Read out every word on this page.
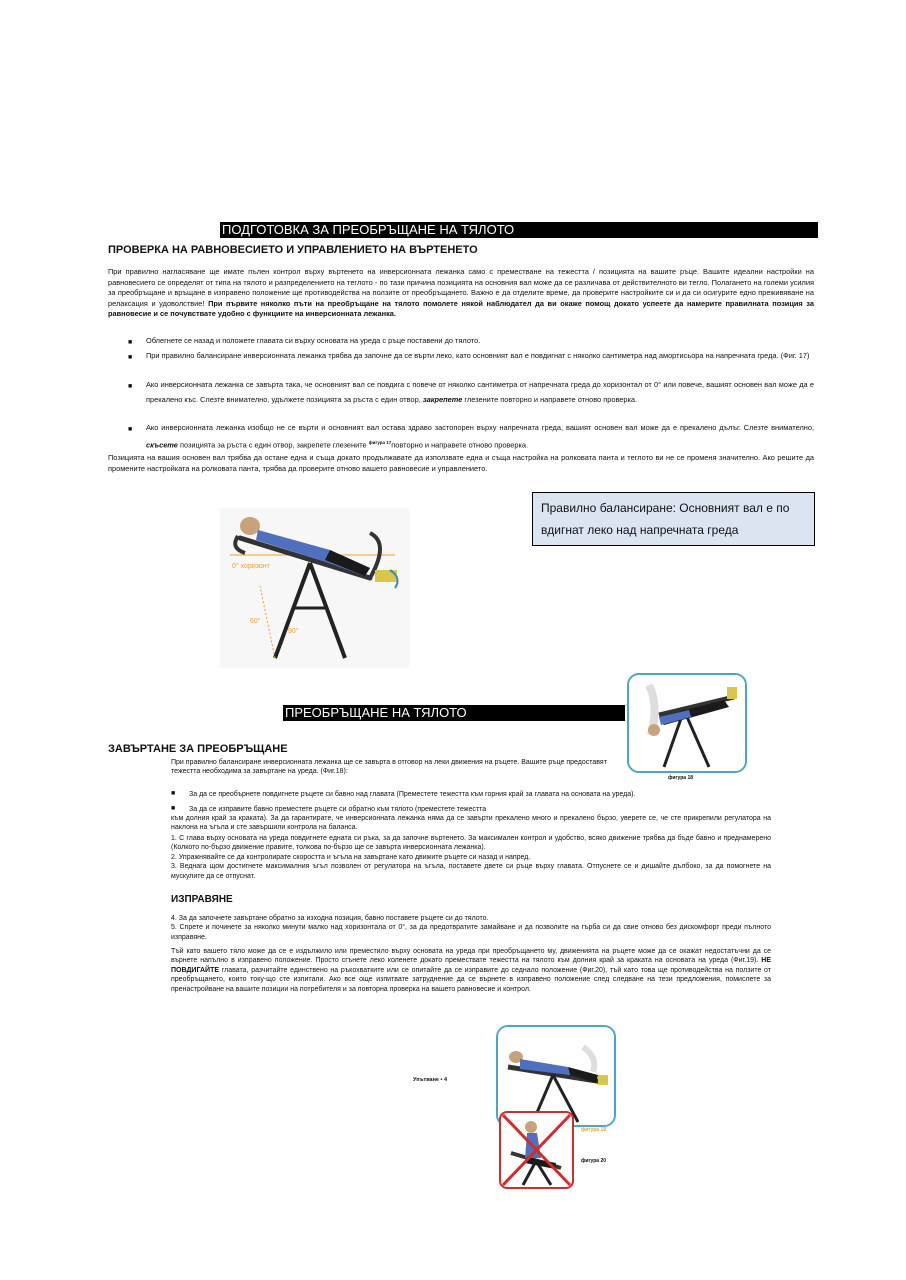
ПОДГОТОВКА ЗА ПРЕОБРЪЩАНЕ НА ТЯЛОТО
ПРОВЕРКА НА РАВНОВЕСИЕТО И УПРАВЛЕНИЕТО НА ВЪРТЕНЕТО
При правилно нагласяване ще имате пълен контрол върху въртенето на инверсионната лежанка само с преместване на тежестта / позицията на вашите ръце. Вашите идеални настройки на равновесието се определят от типа на тялото и разпределението на теглото - по тази причина позицията на основния вал може да се различава от действителното ви тегло. Полагането на големи усилия за преобръщане и връщане в изправено положение ще противодейства на ползите от преобръщането. Важно е да отделите време, да проверите настройките си и да си осигурите едно преживяване на релаксация и удоволствие! При първите няколко пъти на преобръщане на тялото помолете някой наблюдател да ви окаже помощ докато успеете да намерите правилната позиция за равновесие и се почувствате удобно с функциите на инверсионната лежанка.
■ Облегнете се назад и положете главата си върху основата на уреда с ръце поставени до тялото.
■ При правилно балансиране инверсионната лежанка трябва да започне да се върти леко, като основният вал е повдигнат с няколко сантиметра над амортисьора на напречната греда. (Фиг. 17)
■ Ако инверсионната лежанка се завърта така, че основният вал се повдига с повече от няколко сантиметра от напречната греда до хоризонтал от 0° или повече, вашият основен вал може да е прекалено къс. Слезте внимателно, удължете позицията за ръста с един отвор, закрепете глезените повторно и направете отново проверка.
■ Ако инверсионната лежанка изобщо не се върти и основният вал остава здраво застопорен върху напречната греда, вашият основен вал може да е прекалено дълъг. Слезте внимателно, скъсете позицията за ръста с един отвор, закрепете глезените $^{фигура 17}$повторно и направете отново проверка.
Позицията на вашия основен вал трябва да остане една и съща докато продължавате да използвате една и съща настройка на ролковата панта и теглото ви не се променя значително. Ако решите да промените настройката на ролковата панта, трябва да проверите отново вашето равновесие и управлението.
Правилно балансиране: Основният вал е по вдигнат леко над напречната греда
0° хоризонт
60°
90°
ПРЕОБРЪЩАНЕ НА ТЯЛОТО
фигура 18
ЗАВЪРТАНЕ ЗА ПРЕОБРЪЩАНЕ
При правилно балансиране инверсионната лежанка ще се завърта в отговор на леки движения на ръцете. Вашите ръце предоставят тежестта необходима за завъртане на уреда. (Фиг.18):
■ За да се преобърнете повдигнете ръцете си бавно над главата (Преместете тежестта към горния край за главата на основата на уреда).
■ За да се изправите бавно преместете ръцете си обратно към тялото (преместете тежестта
към долния край за краката). За да гарантирате, че инверсионната лежанка няма да се завърти прекалено много и прекалено бързо, уверете се, че сте прикрепили регулатора на наклона на ъгъла и сте завършили контрола на баланса.
1. С глава върху основата на уреда повдигнете едната си ръка, за да започне въртенето. За максимален контрол и удобство, всяко движение трябва да бъде бавно и преднамерено (Колкото по-бързо движение правите, толкова по-бързо ще се завърта инверсионната лежанка).
2. Упражнявайте се да контролирате скоростта и ъгъла на завъртане като движите ръцете си назад и напред.
3. Веднага щом достигнете максималния ъгъл позволен от регулатора на ъгъла, поставете двете си ръце върху главата. Отпуснете се и дишайте дълбоко, за да помогнете на мускулите да се отпуснат.
ИЗПРАВЯНЕ
4. За да започнете завъртане обратно за изходна позиция, бавно поставете ръцете си до тялото.
5. Спрете и починете за няколко минути малко над хоризонтала от 0°, за да предотвратите замайване и да позволите на гърба си да свие отново без дискомфорт преди пълното изправяне.
Тъй като вашето тяло може да се е издължило или преместило върху основата на уреда при преобръщането му, движенията на ръцете може да се окажат недостатъчни да се върнете напълно в изправено положение. Просто сгънете леко коленете докато премествате тежестта на тялото към долния край за краката на основата на уреда (Фиг.19). НЕ ПОВДИГАЙТЕ главата, разчитайте единствено на ръкохватките или се опитайте да се изправите до седнало положение (Фиг.20), тъй като това ще противодейства на ползите от преобръщането, които току-що сте изпитали. Ако все още изпитвате затруднение да се върнете в изправено положение след следване на тези предложения, помислете за пренастройване на вашите позиции на потребителя и за повторна проверка на вашето равновесие и контрол.
Упътване • 4
фигура 19
фигура 20
